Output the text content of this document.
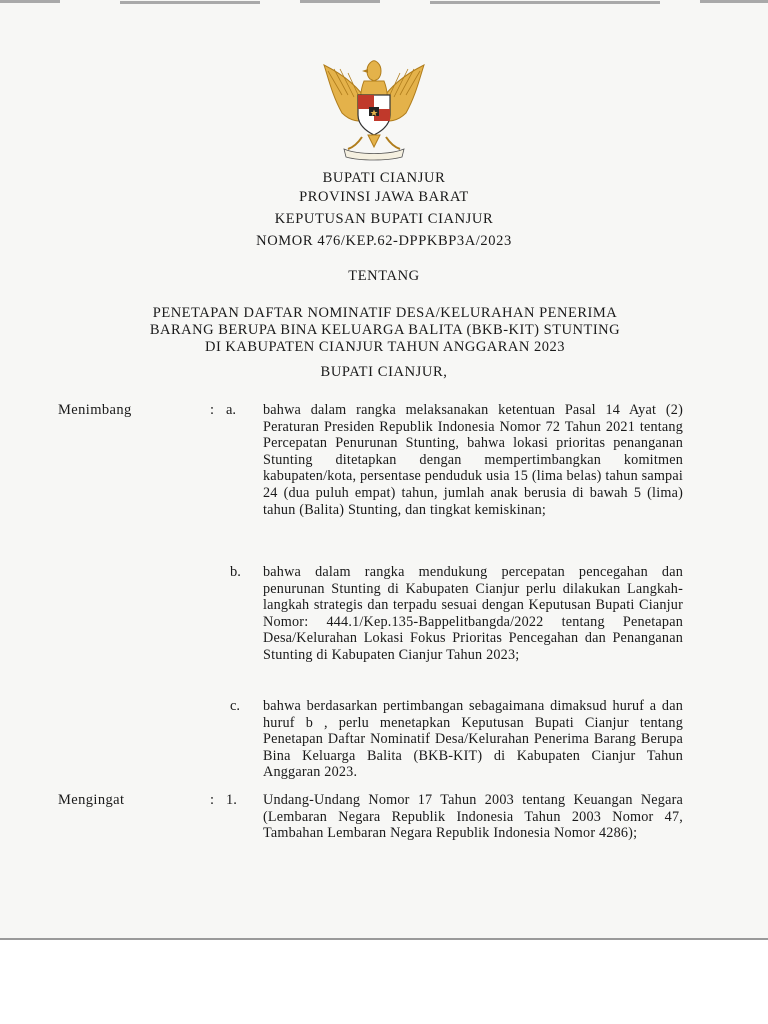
BUPATI CIANJUR
PROVINSI JAWA BARAT
KEPUTUSAN BUPATI CIANJUR
NOMOR 476/KEP.62-DPPKBP3A/2023
TENTANG
PENETAPAN DAFTAR NOMINATIF DESA/KELURAHAN PENERIMA
BARANG BERUPA BINA KELUARGA BALITA (BKB-KIT) STUNTING
DI KABUPATEN CIANJUR TAHUN ANGGARAN 2023
BUPATI CIANJUR,
Menimbang	: a. bahwa dalam rangka melaksanakan ketentuan Pasal 14 Ayat (2) Peraturan Presiden Republik Indonesia Nomor 72 Tahun 2021 tentang Percepatan Penurunan Stunting, bahwa lokasi prioritas penanganan Stunting ditetapkan dengan mempertimbangkan komitmen kabupaten/kota, persentase penduduk usia 15 (lima belas) tahun sampai 24 (dua puluh empat) tahun, jumlah anak berusia di bawah 5 (lima) tahun (Balita) Stunting, dan tingkat kemiskinan;
b. bahwa dalam rangka mendukung percepatan pencegahan dan penurunan Stunting di Kabupaten Cianjur perlu dilakukan Langkah-langkah strategis dan terpadu sesuai dengan Keputusan Bupati Cianjur Nomor: 444.1/Kep.135-Bappelitbangda/2022 tentang Penetapan Desa/Kelurahan Lokasi Fokus Prioritas Pencegahan dan Penanganan Stunting di Kabupaten Cianjur Tahun 2023;
c. bahwa berdasarkan pertimbangan sebagaimana dimaksud huruf a dan huruf b , perlu menetapkan Keputusan Bupati Cianjur tentang Penetapan Daftar Nominatif Desa/Kelurahan Penerima Barang Berupa Bina Keluarga Balita (BKB-KIT) di Kabupaten Cianjur Tahun Anggaran 2023.
Mengingat	: 1. Undang-Undang Nomor 17 Tahun 2003 tentang Keuangan Negara (Lembaran Negara Republik Indonesia Tahun 2003 Nomor 47, Tambahan Lembaran Negara Republik Indonesia Nomor 4286);
